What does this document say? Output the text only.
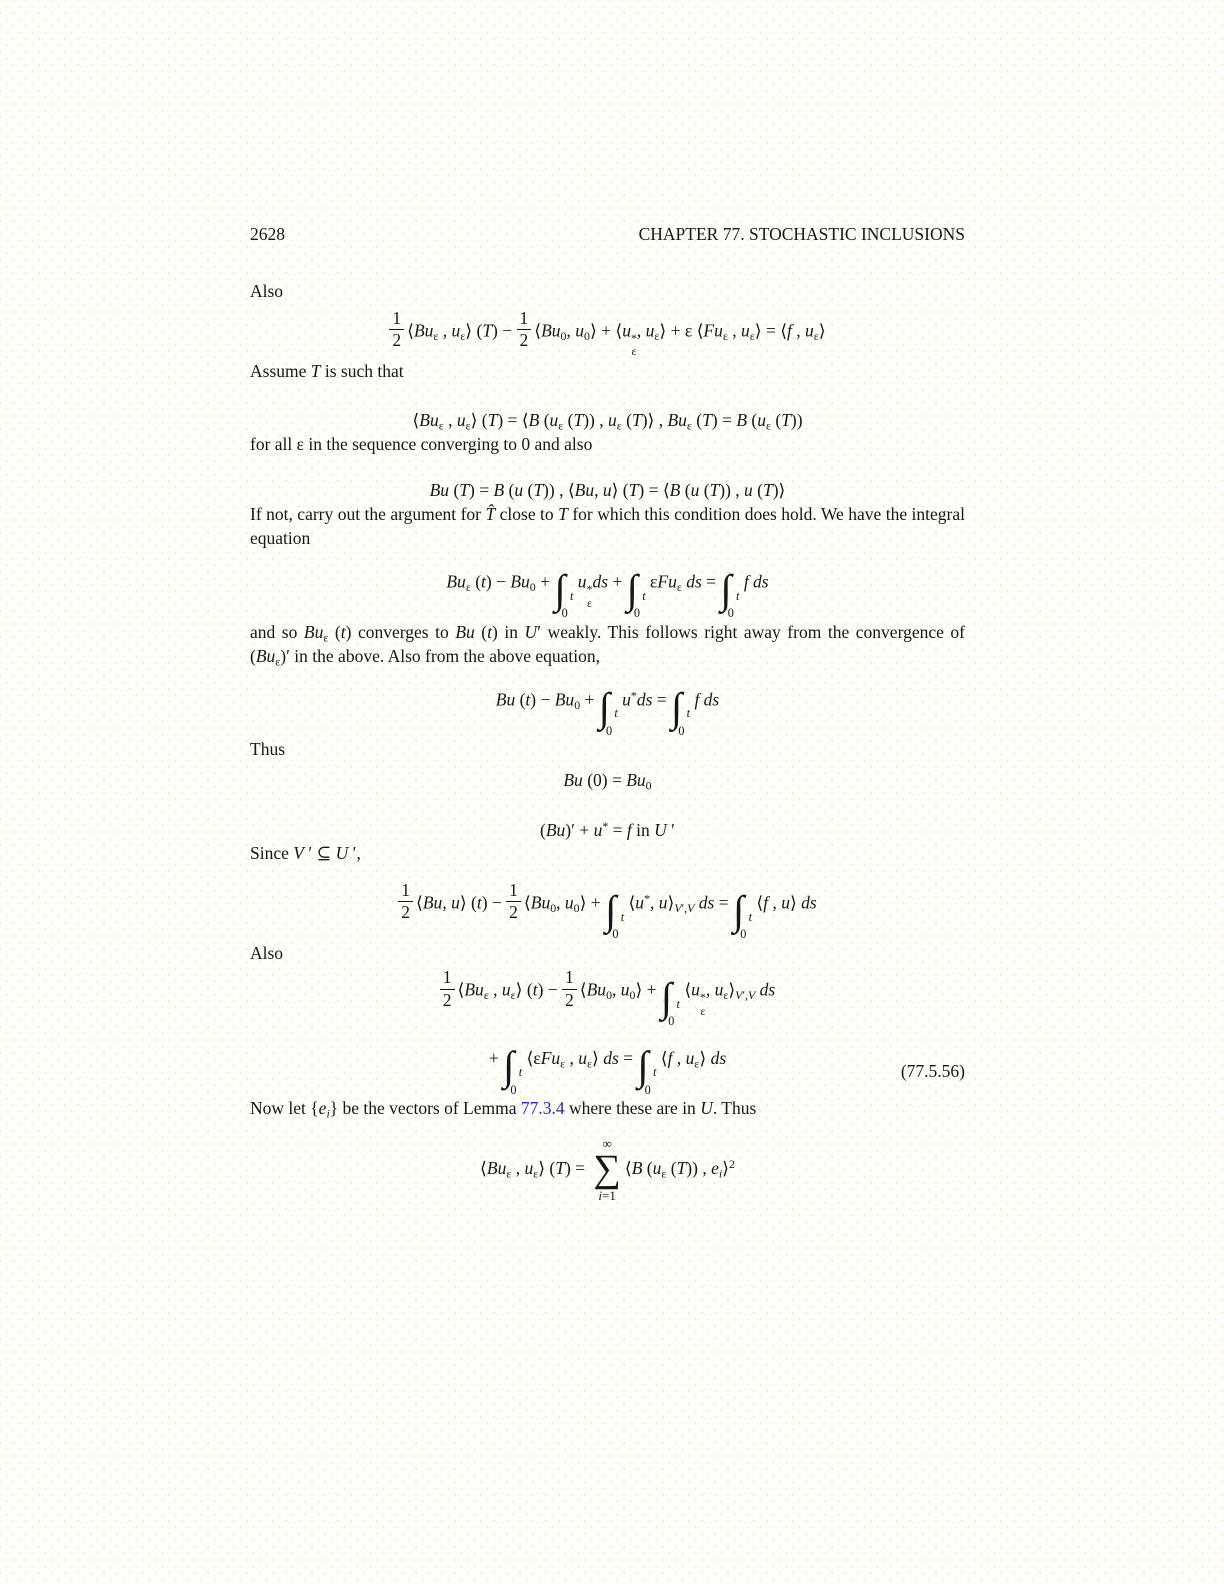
2628	CHAPTER 77. STOCHASTIC INCLUSIONS

Also

$\frac{1}{2}$ $⟨Bu_\varepsilon$ , $u_\varepsilon⟩$ $(T) - \frac{1}{2}$ $⟨Bu_0$, $u_0⟩$ + ⟨u *
ε
, $u_\varepsilon⟩ + \varepsilon$ $⟨Fu_\varepsilon$ , $u_\varepsilon⟩$ = ⟨f , $u_\varepsilon⟩$

Assume T is such that

$⟨Bu_\varepsilon$ , $u_\varepsilon⟩$ (T) = ⟨B ($u_\varepsilon$ (T)) , $u_\varepsilon$ (T)⟩ , $Bu_\varepsilon$ (T) = B ($u_\varepsilon$ (T))

for all ε in the sequence converging to 0 and also

Bu (T) = B (u (T)) , ⟨Bu, u⟩ (T) = ⟨B (u (T)) , u (T)⟩

If not, carry out the argument for T̂ close to T for which this condition does hold. We have the integral equation

$Bu_\varepsilon$ $(t) - Bu_0$ + ∫ t
0
u *
ε
ds + ∫ t
0
εFu$_\varepsilon$ ds = ∫ t
0
f ds

and so $Bu_\varepsilon$ (t) converges to Bu (t) in U′ weakly. This follows right away from the convergence of $(Bu_\varepsilon)'$ in the above. Also from the above equation,

Bu $(t) - Bu_0$ + ∫ t
0
u*ds = ∫ t
0
f ds

Thus

Bu $(0) = Bu_0$
(Bu)′ + u* = f in U ′

Since V ′ ⊆ U ′,

$\frac{1}{2}$ ⟨Bu, u⟩ $(t) - \frac{1}{2}$ $⟨Bu_0$, $u_0⟩$ + ∫ t
0
⟨u*, $u⟩_{V',V}$ ds = ∫ t
0
⟨f , u⟩ ds

Also

$\frac{1}{2}$ $⟨Bu_\varepsilon$ , $u_\varepsilon⟩$ $(t) - \frac{1}{2}$ $⟨Bu_0$, $u_0⟩$ + ∫ t
0
⟨u *
ε
, $u_\varepsilon⟩_{V',V}$ ds
+ ∫ t
0
⟨εFu$_\varepsilon$ , $u_\varepsilon⟩$ ds = ∫ t
0
⟨f , $u_\varepsilon⟩$ ds
(77.5.56)

Now let $\{e_i\}$ be the vectors of Lemma 77.3.4 where these are in U. Thus

$⟨Bu_\varepsilon$ , $u_\varepsilon⟩$ (T) =
∞
∑
i=1
⟨B ($u_\varepsilon$ (T)) , $e_i⟩^2$
